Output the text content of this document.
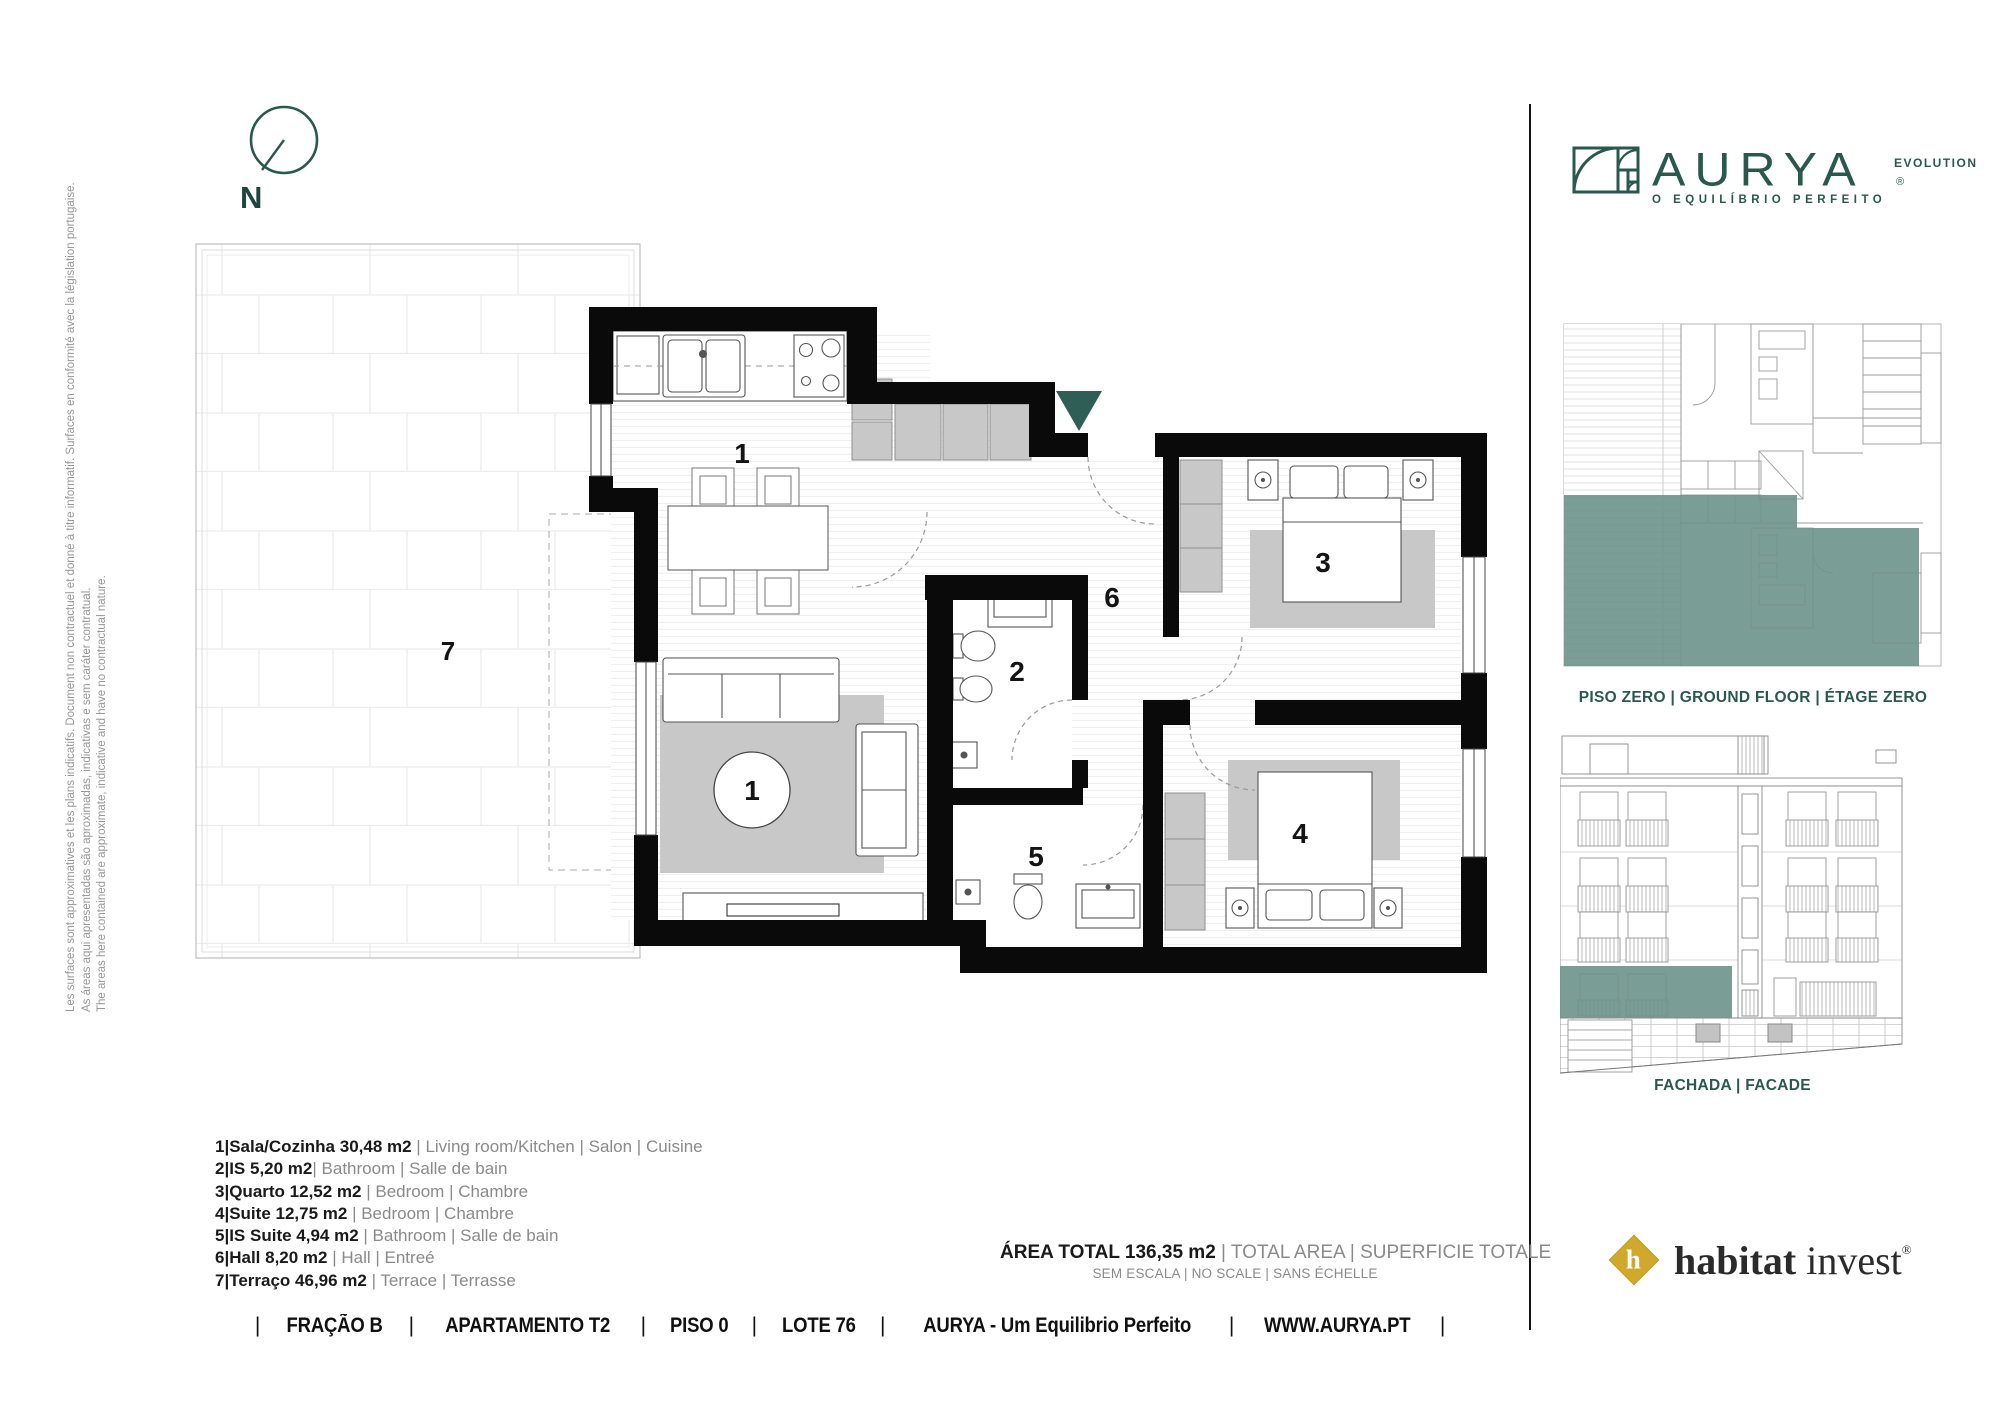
N
Les surfaces sont approximatives et les plans indicatifs. Document non contractuel et donné à titre informatif. Surfaces en conformité avec la législation portugaise. As áreas aqui apresentadas são aproximadas, indicativas e sem caráter contratual. The areas here contained are approximate, indicative and have no contractual nature.
1
1
2
3
4
5
6
7
AURYA EVOLUTION
®
O EQUILÍBRIO PERFEITO
PISO ZERO | GROUND FLOOR | ÉTAGE ZERO
FACHADA | FACADE
1|Sala/Cozinha 30,48 m2 | Living room/Kitchen | Salon | Cuisine
2|IS 5,20 m2| Bathroom | Salle de bain
3|Quarto 12,52 m2 | Bedroom | Chambre
4|Suite 12,75 m2 | Bedroom | Chambre
5|IS Suite 4,94 m2 | Bathroom | Salle de bain
6|Hall 8,20 m2 | Hall | Entreé
7|Terraço 46,96 m2 | Terrace | Terrasse
ÁREA TOTAL 136,35 m2 | TOTAL AREA | SUPERFICIE TOTALE
SEM ESCALA | NO SCALE | SANS ÉCHELLE
| FRAÇÃO B | APARTAMENTO T2 | PISO 0 | LOTE 76 | AURYA - Um Equilibrio Perfeito | WWW.AURYA.PT |
h habitat invest®
